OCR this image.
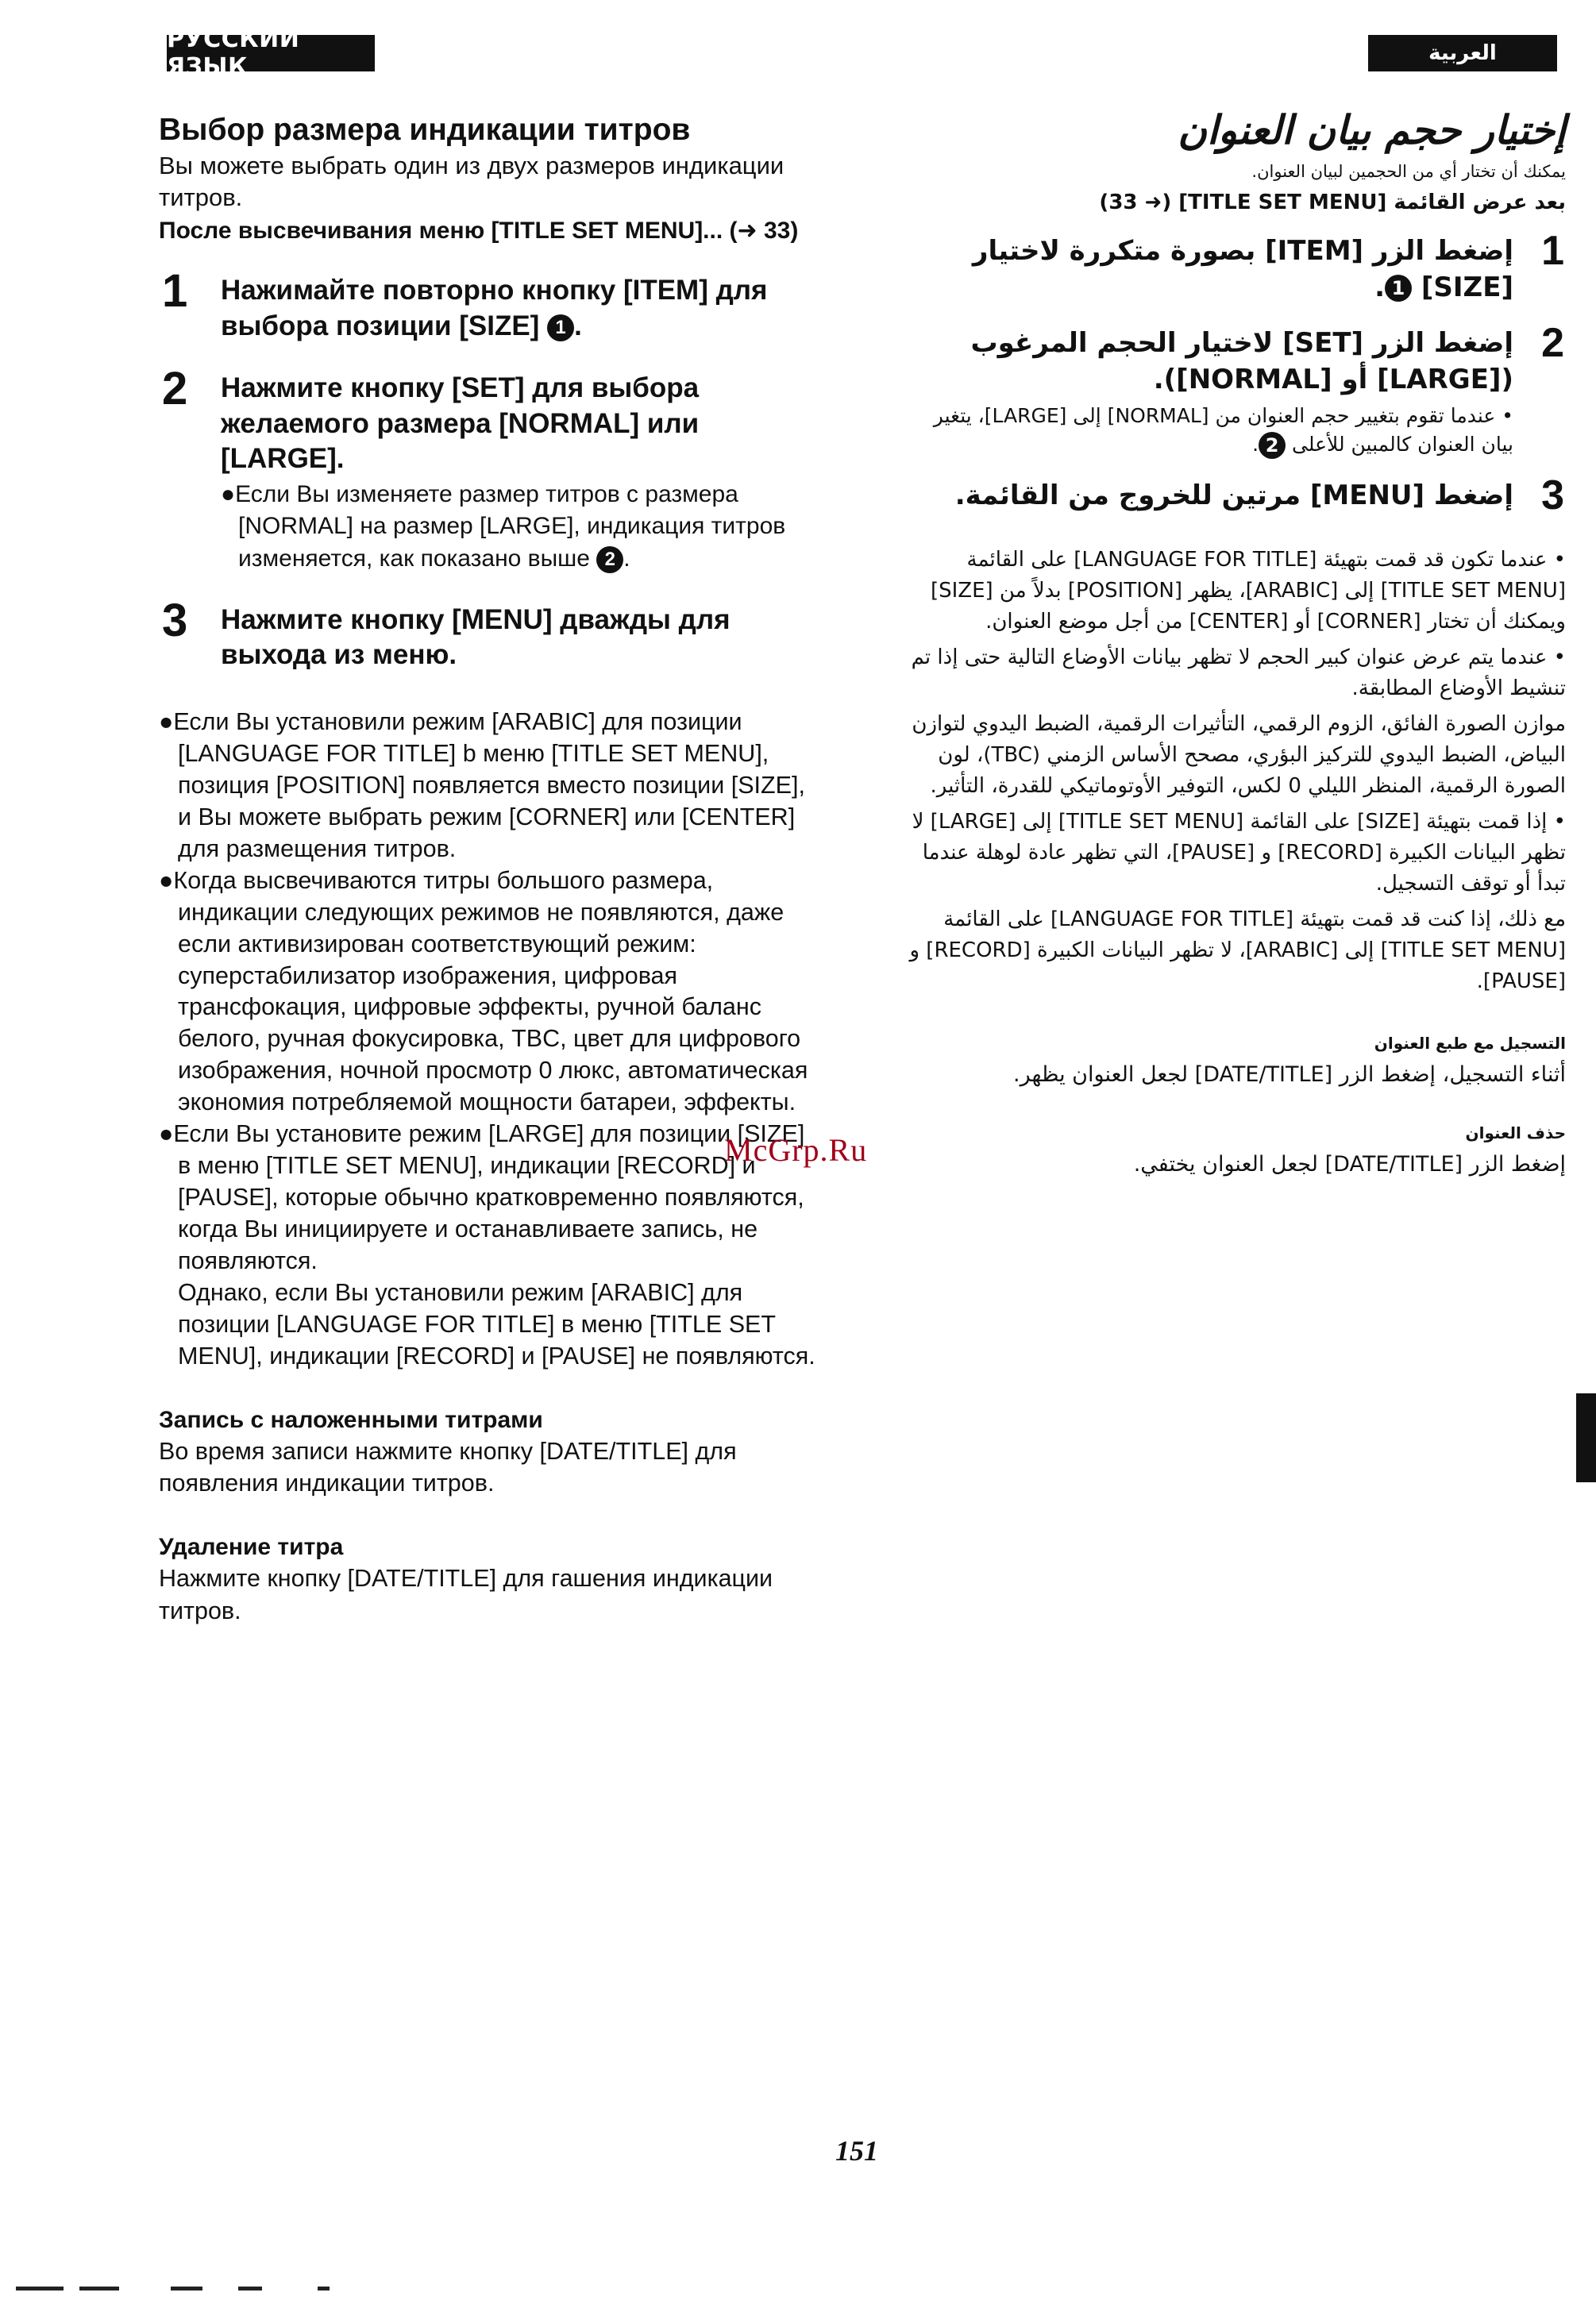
РУССКИЙ ЯЗЫК	العربية
Выбор размера индикации титров

Вы можете выбрать один из двух размеров индикации титров.

После высвечивания меню [TITLE SET MENU]... (➜ 33)

1 Нажимайте повторно кнопку [ITEM] для выбора позиции [SIZE] 1 .
2 Нажмите кнопку [SET] для выбора желаемого размера [NORMAL] или [LARGE].
●Если Вы изменяете размер титров с размера [NORMAL] на размер [LARGE], индикация титров изменяется, как показано выше 2 .
3 Нажмите кнопку [MENU] дважды для выхода из меню.
●Если Вы установили режим [ARABIC] для позиции [LANGUAGE FOR TITLE] b меню [TITLE SET MENU], позиция [POSITION] появляется вместо позиции [SIZE], и Вы можете выбрать режим [CORNER] или [CENTER] для размещения титров.
●Когда высвечиваются титры большого размера, индикации следующих режимов не появляются, даже если активизирован соответствующий режим:
суперстабилизатор изображения, цифровая трансфокация, цифровые эффекты, ручной баланс белого, ручная фокусировка, TBC, цвет для цифрового изображения, ночной просмотр 0 люкс, автоматическая экономия потребляемой мощности батареи, эффекты.
●Если Вы установите режим [LARGE] для позиции [SIZE] в меню [TITLE SET MENU], индикации [RECORD] и [PAUSE], которые обычно кратковременно появляются, когда Вы инициируете и останавливаете запись, не появляются.
Однако, если Вы установили режим [ARABIC] для позиции [LANGUAGE FOR TITLE] в меню [TITLE SET MENU], индикации [RECORD] и [PAUSE] не появляются.
Запись с наложенными титрами

Во время записи нажмите кнопку [DATE/TITLE] для появления индикации титров.

Удаление титра

Нажмите кнопку [DATE/TITLE] для гашения индикации титров.

إختيار حجم بيان العنوان

يمكنك أن تختار أي من الحجمين لبيان العنوان.

بعد عرض القائمة [TITLE SET MENU] (➜ 33)

1
إضغط الزر [ITEM] بصورة متكررة لاختيار [SIZE] 1.
2
إضغط الزر [SET] لاختيار الحجم المرغوب ([LARGE] أو [NORMAL]).
• عندما تقوم بتغيير حجم العنوان من [NORMAL] إلى [LARGE]، يتغير بيان العنوان كالمبين للأعلى 2.
3
إضغط [MENU] مرتين للخروج من القائمة.
• عندما تكون قد قمت بتهيئة [LANGUAGE FOR TITLE] على القائمة [TITLE SET MENU] إلى [ARABIC]، يظهر [POSITION] بدلاً من [SIZE] ويمكنك أن تختار [CORNER] أو [CENTER] من أجل موضع العنوان.
• عندما يتم عرض عنوان كبير الحجم لا تظهر بيانات الأوضاع التالية حتى إذا تم تنشيط الأوضاع المطابقة.
موازن الصورة الفائق، الزوم الرقمي، التأثيرات الرقمية، الضبط اليدوي لتوازن البياض، الضبط اليدوي للتركيز البؤري، مصحح الأساس الزمني (TBC)، لون الصورة الرقمية، المنظر الليلي 0 لكس، التوفير الأوتوماتيكي للقدرة، التأثير.
• إذا قمت بتهيئة [SIZE] على القائمة [TITLE SET MENU] إلى [LARGE] لا تظهر البيانات الكبيرة [RECORD] و [PAUSE]، التي تظهر عادة لوهلة عندما تبدأ أو توقف التسجيل.
مع ذلك، إذا كنت قد قمت بتهيئة [LANGUAGE FOR TITLE] على القائمة [TITLE SET MENU] إلى [ARABIC]، لا تظهر البيانات الكبيرة [RECORD] و [PAUSE].
التسجيل مع طبع العنوان

أثناء التسجيل، إضغط الزر [DATE/TITLE] لجعل العنوان يظهر.

حذف العنوان

إضغط الزر [DATE/TITLE] لجعل العنوان يختفي.

McGrp.Ru
151
